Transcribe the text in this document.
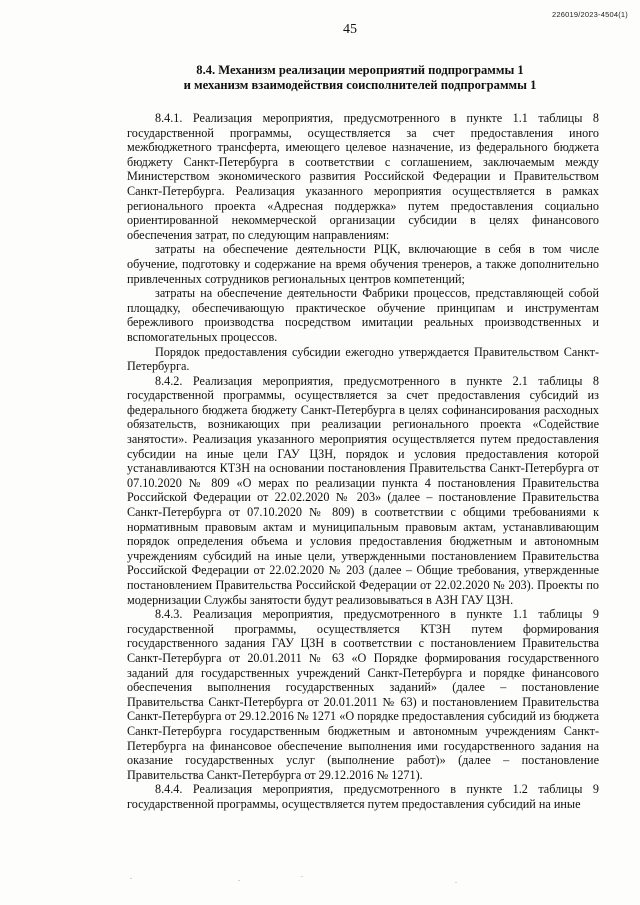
226019/2023-4504(1)
45
8.4. Механизм реализации мероприятий подпрограммы 1
и механизм взаимодействия соисполнителей подпрограммы 1

8.4.1. Реализация мероприятия, предусмотренного в пункте 1.1 таблицы 8 государственной программы, осуществляется за счет предоставления иного межбюджетного трансферта, имеющего целевое назначение, из федерального бюджета бюджету Санкт-Петербурга в соответствии с соглашением, заключаемым между Министерством экономического развития Российской Федерации и Правительством Санкт-Петербурга. Реализация указанного мероприятия осуществляется в рамках регионального проекта «Адресная поддержка» путем предоставления социально ориентированной некоммерческой организации субсидии в целях финансового обеспечения затрат, по следующим направлениям:

затраты на обеспечение деятельности РЦК, включающие в себя в том числе обучение, подготовку и содержание на время обучения тренеров, а также дополнительно привлеченных сотрудников региональных центров компетенций;

затраты на обеспечение деятельности Фабрики процессов, представляющей собой площадку, обеспечивающую практическое обучение принципам и инструментам бережливого производства посредством имитации реальных производственных и вспомогательных процессов.

Порядок предоставления субсидии ежегодно утверждается Правительством Санкт-Петербурга.

8.4.2. Реализация мероприятия, предусмотренного в пункте 2.1 таблицы 8 государственной программы, осуществляется за счет предоставления субсидий из федерального бюджета бюджету Санкт-Петербурга в целях софинансирования расходных обязательств, возникающих при реализации регионального проекта «Содействие занятости». Реализация указанного мероприятия осуществляется путем предоставления субсидии на иные цели ГАУ ЦЗН, порядок и условия предоставления которой устанавливаются КТЗН на основании постановления Правительства Санкт-Петербурга от 07.10.2020 № 809 «О мерах по реализации пункта 4 постановления Правительства Российской Федерации от 22.02.2020 № 203» (далее – постановление Правительства Санкт-Петербурга от 07.10.2020 № 809) в соответствии с общими требованиями к нормативным правовым актам и муниципальным правовым актам, устанавливающим порядок определения объема и условия предоставления бюджетным и автономным учреждениям субсидий на иные цели, утвержденными постановлением Правительства Российской Федерации от 22.02.2020 № 203 (далее – Общие требования, утвержденные постановлением Правительства Российской Федерации от 22.02.2020 № 203). Проекты по модернизации Службы занятости будут реализовываться в АЗН ГАУ ЦЗН.

8.4.3. Реализация мероприятия, предусмотренного в пункте 1.1 таблицы 9 государственной программы, осуществляется КТЗН путем формирования государственного задания ГАУ ЦЗН в соответствии с постановлением Правительства Санкт-Петербурга от 20.01.2011 № 63 «О Порядке формирования государственного заданий для государственных учреждений Санкт-Петербурга и порядке финансового обеспечения выполнения государственных заданий» (далее – постановление Правительства Санкт-Петербурга от 20.01.2011 № 63) и постановлением Правительства Санкт-Петербурга от 29.12.2016 № 1271 «О порядке предоставления субсидий из бюджета Санкт-Петербурга государственным бюджетным и автономным учреждениям Санкт-Петербурга на финансовое обеспечение выполнения ими государственного задания на оказание государственных услуг (выполнение работ)» (далее – постановление Правительства Санкт-Петербурга от 29.12.2016 № 1271).

8.4.4. Реализация мероприятия, предусмотренного в пункте 1.2 таблицы 9 государственной программы, осуществляется путем предоставления субсидий на иные
